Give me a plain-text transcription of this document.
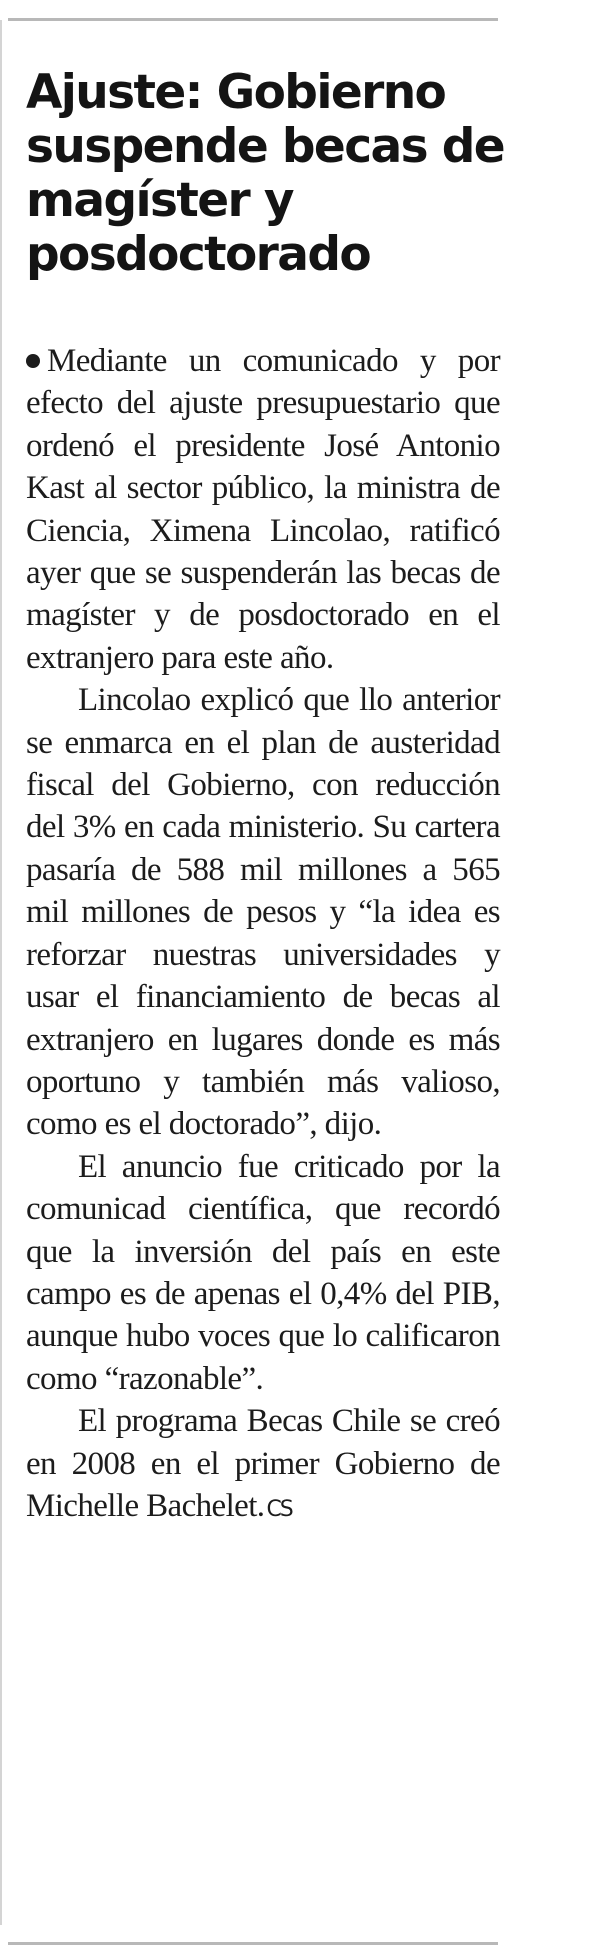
Ajuste: Gobierno
suspende becas de
magíster y
posdoctorado

Mediante un comunicado y por efecto del ajuste presupuestario que ordenó el presidente José Antonio Kast al sector público, la ministra de Ciencia, Ximena Lincolao, ratificó ayer que se suspenderán las becas de magíster y de posdoctorado en el extranjero para este año.

Lincolao explicó que llo anterior se enmarca en el plan de austeridad fiscal del Gobierno, con reducción del 3% en cada ministerio. Su cartera pasaría de 588 mil millones a 565 mil millones de pesos y “la idea es reforzar nuestras universidades y usar el financiamiento de becas al extranjero en lugares donde es más oportuno y también más valioso, como es el doctorado”, dijo.

El anuncio fue criticado por la comunicad científica, que recordó que la inversión del país en este campo es de apenas el 0,4% del PIB, aunque hubo voces que lo calificaron como “razonable”.

El programa Becas Chile se creó en 2008 en el primer Gobierno de Michelle Bachelet.CS
